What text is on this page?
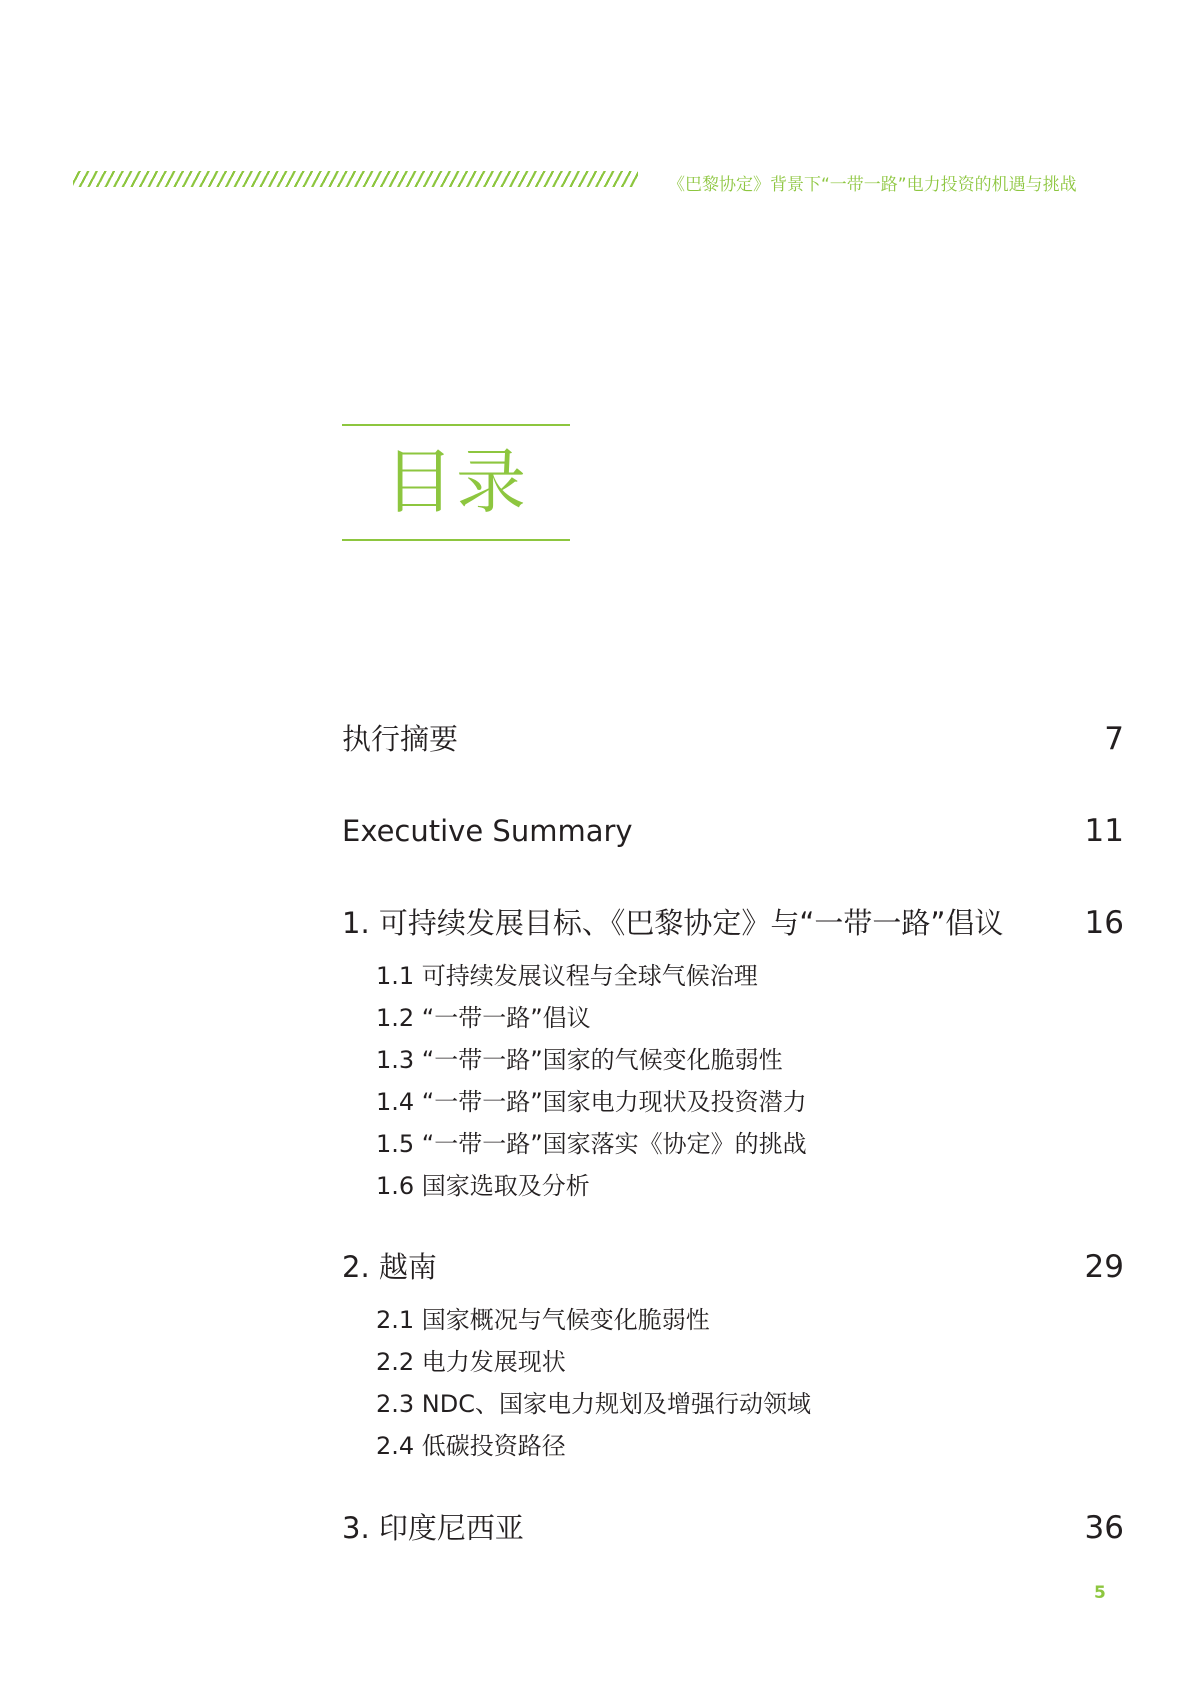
《巴黎协定》背景下“一带一路”电力投资的机遇与挑战
目录
执行摘要	7
Executive Summary	11
1. 可持续发展目标、《巴黎协定》与“一带一路”倡议	16
1.1 可持续发展议程与全球气候治理
1.2 “一带一路”倡议
1.3 “一带一路”国家的气候变化脆弱性
1.4 “一带一路”国家电力现状及投资潜力
1.5 “一带一路”国家落实《协定》的挑战
1.6 国家选取及分析
2. 越南	29
2.1 国家概况与气候变化脆弱性
2.2 电力发展现状
2.3 NDC、国家电力规划及增强行动领域
2.4 低碳投资路径
3. 印度尼西亚	36
5
